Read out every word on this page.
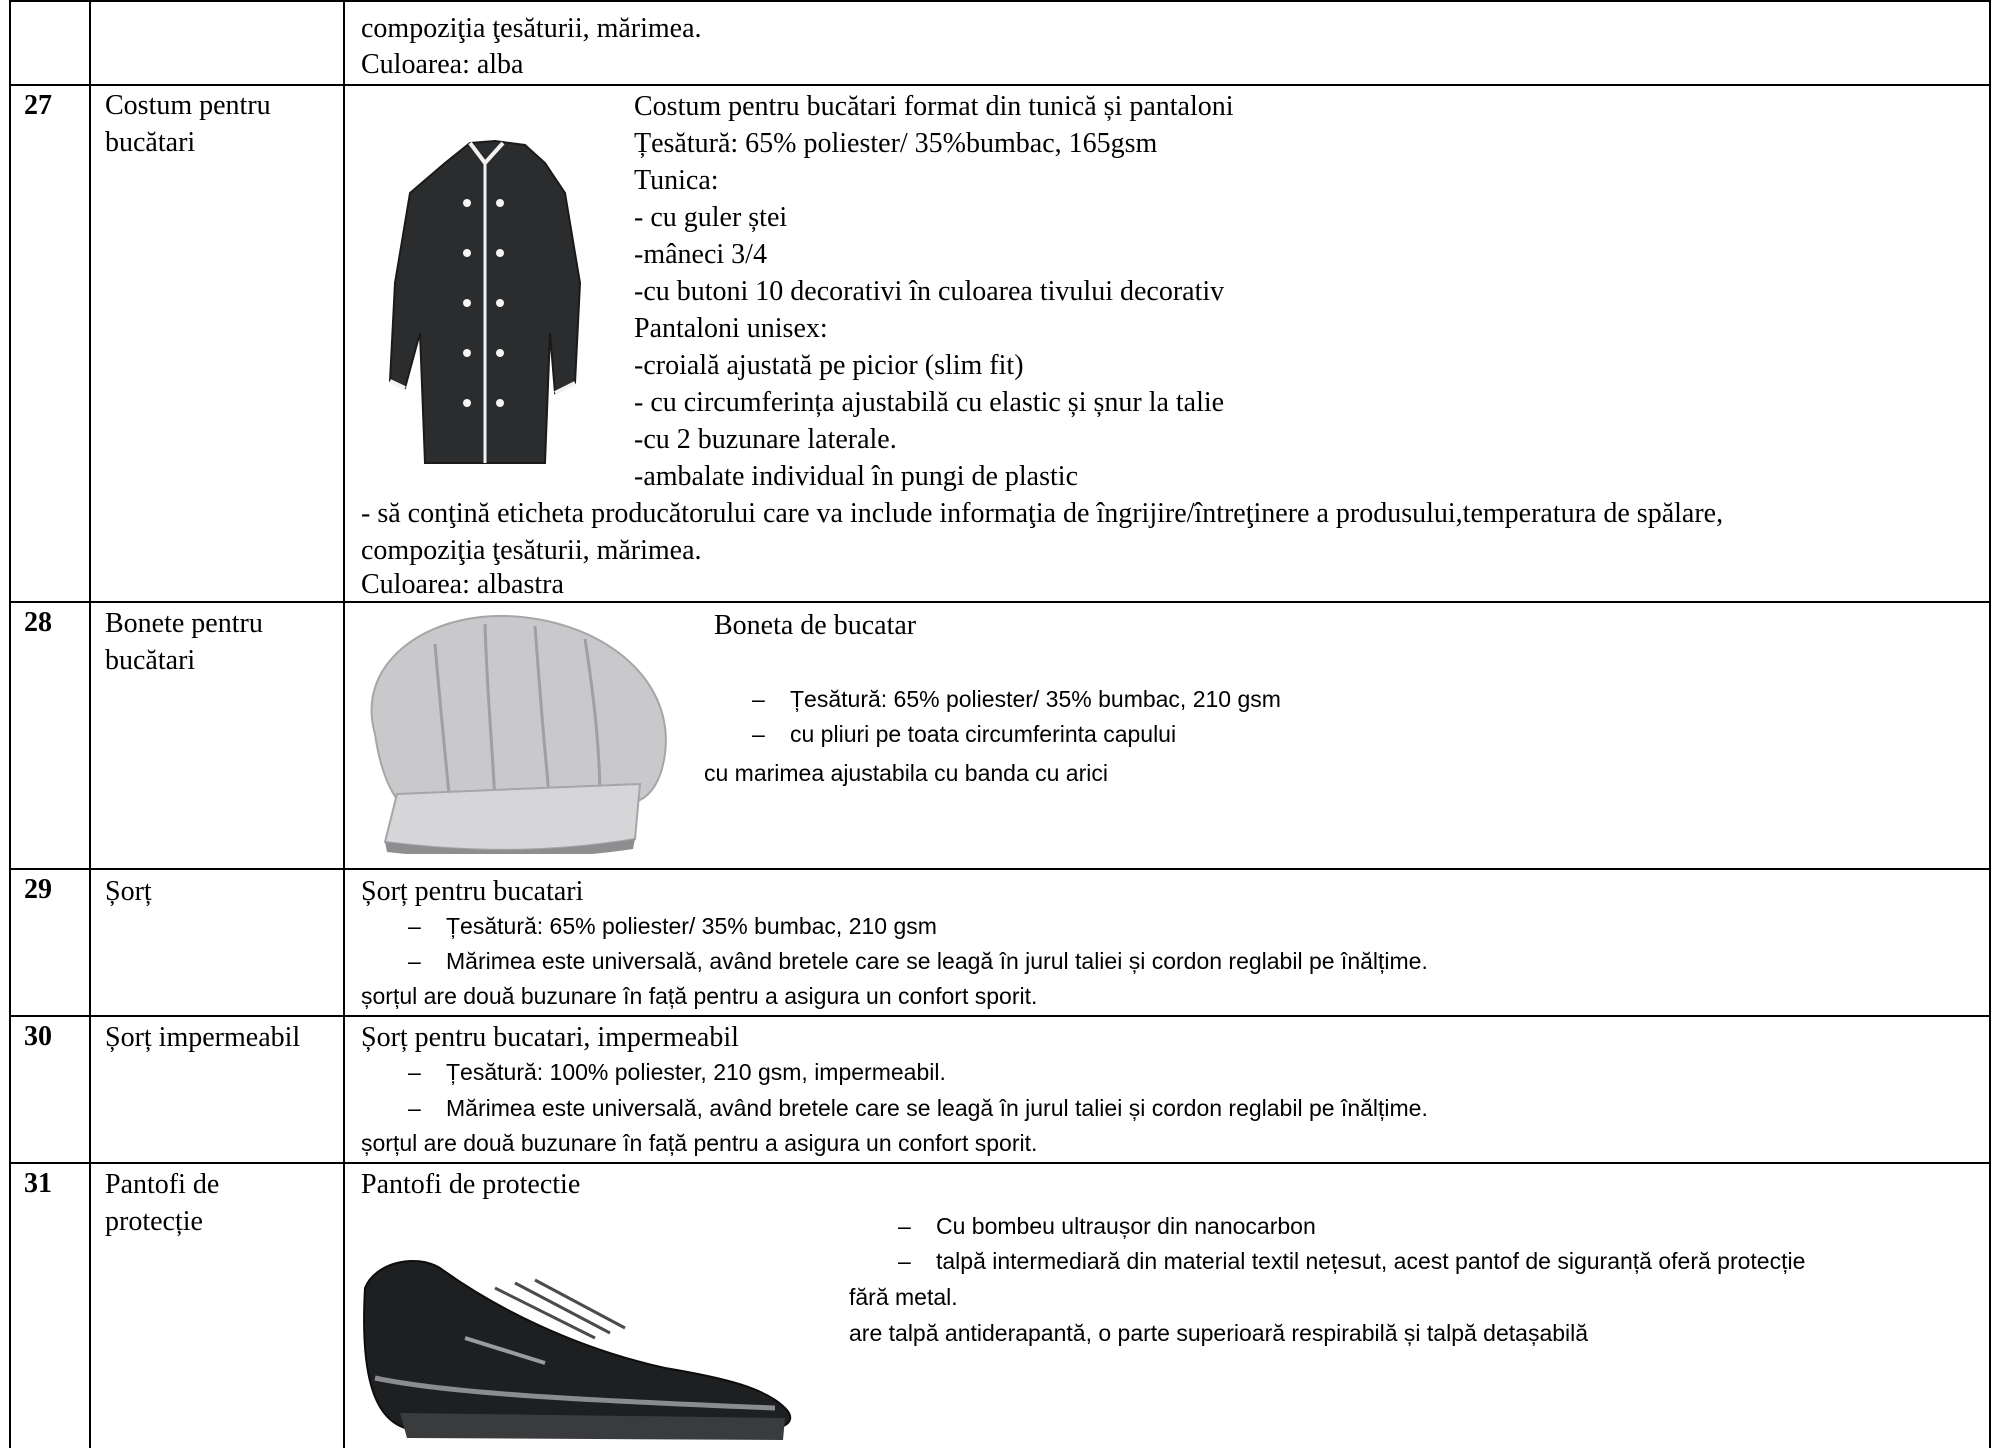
compoziţia ţesăturii, mărimea.
Culoarea: alba
27 Costum pentru
bucătari
Costum pentru bucătari format din tunică și pantaloni
Țesătură: 65% poliester/ 35%bumbac, 165gsm
Tunica:
- cu guler ștei
-mâneci 3/4
-cu butoni 10 decorativi în culoarea tivului decorativ
Pantaloni unisex:
-croială ajustată pe picior (slim fit)
- cu circumferința ajustabilă cu elastic și șnur la talie
-cu 2 buzunare laterale.
-ambalate individual în pungi de plastic
- să conţină eticheta producătorului care va include informaţia de îngrijire/întreţinere a produsului,temperatura de spălare,
compoziţia ţesăturii, mărimea.
Culoarea: albastra
28 Bonete pentru
bucătari
Boneta de bucatar
– Țesătură: 65% poliester/ 35% bumbac, 210 gsm
– cu pliuri pe toata circumferinta capului
cu marimea ajustabila cu banda cu arici
29 Șorț	Șorț pentru bucatari
– Țesătură: 65% poliester/ 35% bumbac, 210 gsm
– Mărimea este universală, având bretele care se leagă în jurul taliei și cordon reglabil pe înălțime.
șorțul are două buzunare în față pentru a asigura un confort sporit.
30 Șorț impermeabil Șorț pentru bucatari, impermeabil
– Țesătură: 100% poliester, 210 gsm, impermeabil.
– Mărimea este universală, având bretele care se leagă în jurul taliei și cordon reglabil pe înălțime.
șorțul are două buzunare în față pentru a asigura un confort sporit.
31 Pantofi de
protecție
Pantofi de protectie
– Cu bombeu ultraușor din nanocarbon
– talpă intermediară din material textil nețesut, acest pantof de siguranță oferă protecție
fără metal.
are talpă antiderapantă, o parte superioară respirabilă și talpă detașabilă
